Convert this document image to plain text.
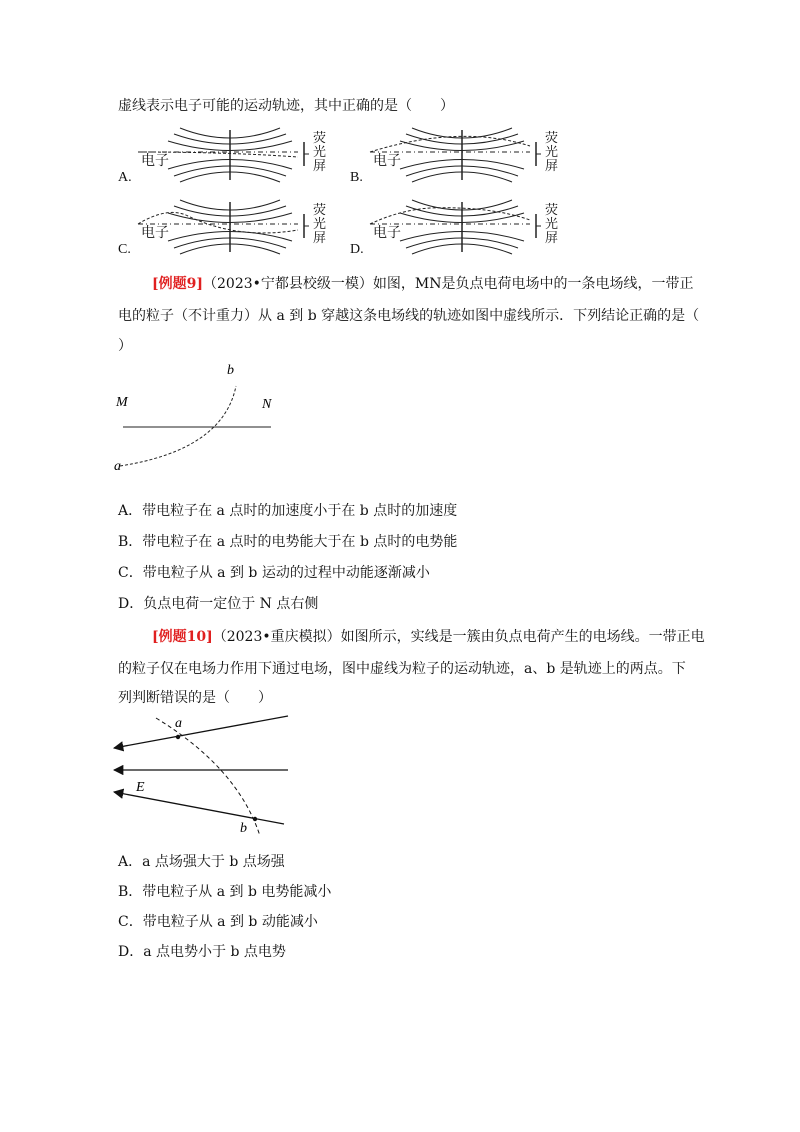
虚线表示电子可能的运动轨迹，其中正确的是（　　）
电子
荧
光
屏
A.
电子
荧
光
屏
B.
电子
荧
光
屏
C.
电子
荧
光
屏
D.
[例题9]（2023•宁都县校级一模）如图，MN是负点电荷电场中的一条电场线，一带正
电的粒子（不计重力）从 a 到 b 穿越这条电场线的轨迹如图中虚线所示．下列结论正确的是（
）
M	N
a
b
A．带电粒子在 a 点时的加速度小于在 b 点时的加速度
B．带电粒子在 a 点时的电势能大于在 b 点时的电势能
C．带电粒子从 a 到 b 运动的过程中动能逐渐减小
D．负点电荷一定位于 N 点右侧
[例题10]（2023•重庆模拟）如图所示，实线是一簇由负点电荷产生的电场线。一带正电
的粒子仅在电场力作用下通过电场，图中虚线为粒子的运动轨迹，a、b 是轨迹上的两点。下
列判断错误的是（　　）
a
b
E
A．a 点场强大于 b 点场强
B．带电粒子从 a 到 b 电势能减小
C．带电粒子从 a 到 b 动能减小
D．a 点电势小于 b 点电势
